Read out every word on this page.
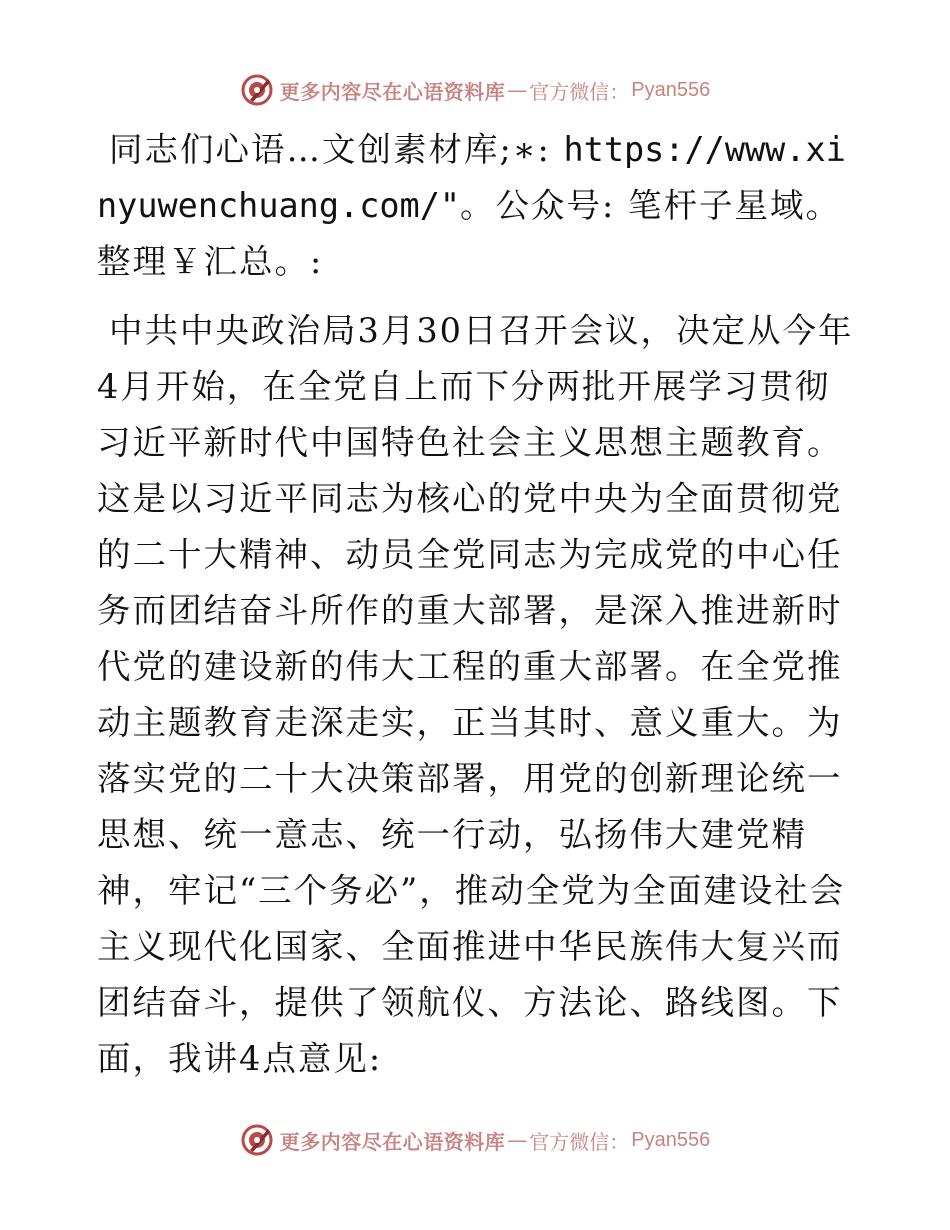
更多内容尽在心语资料库 — 官方微信： Pyan556

同志们心语…文创素材库;∗: https://www.xinyuwenchuang.com/"。公众号: 笔杆子星域。整理￥汇总。:

中共中央政治局3月30日召开会议，决定从今年4月开始，在全党自上而下分两批开展学习贯彻习近平新时代中国特色社会主义思想主题教育。这是以习近平同志为核心的党中央为全面贯彻党的二十大精神、动员全党同志为完成党的中心任务而团结奋斗所作的重大部署，是深入推进新时代党的建设新的伟大工程的重大部署。在全党推动主题教育走深走实，正当其时、意义重大。为落实党的二十大决策部署，用党的创新理论统一思想、统一意志、统一行动，弘扬伟大建党精神，牢记“三个务必”，推动全党为全面建设社会主义现代化国家、全面推进中华民族伟大复兴而团结奋斗，提供了领航仪、方法论、路线图。下面，我讲4点意见:

更多内容尽在心语资料库 — 官方微信： Pyan556
